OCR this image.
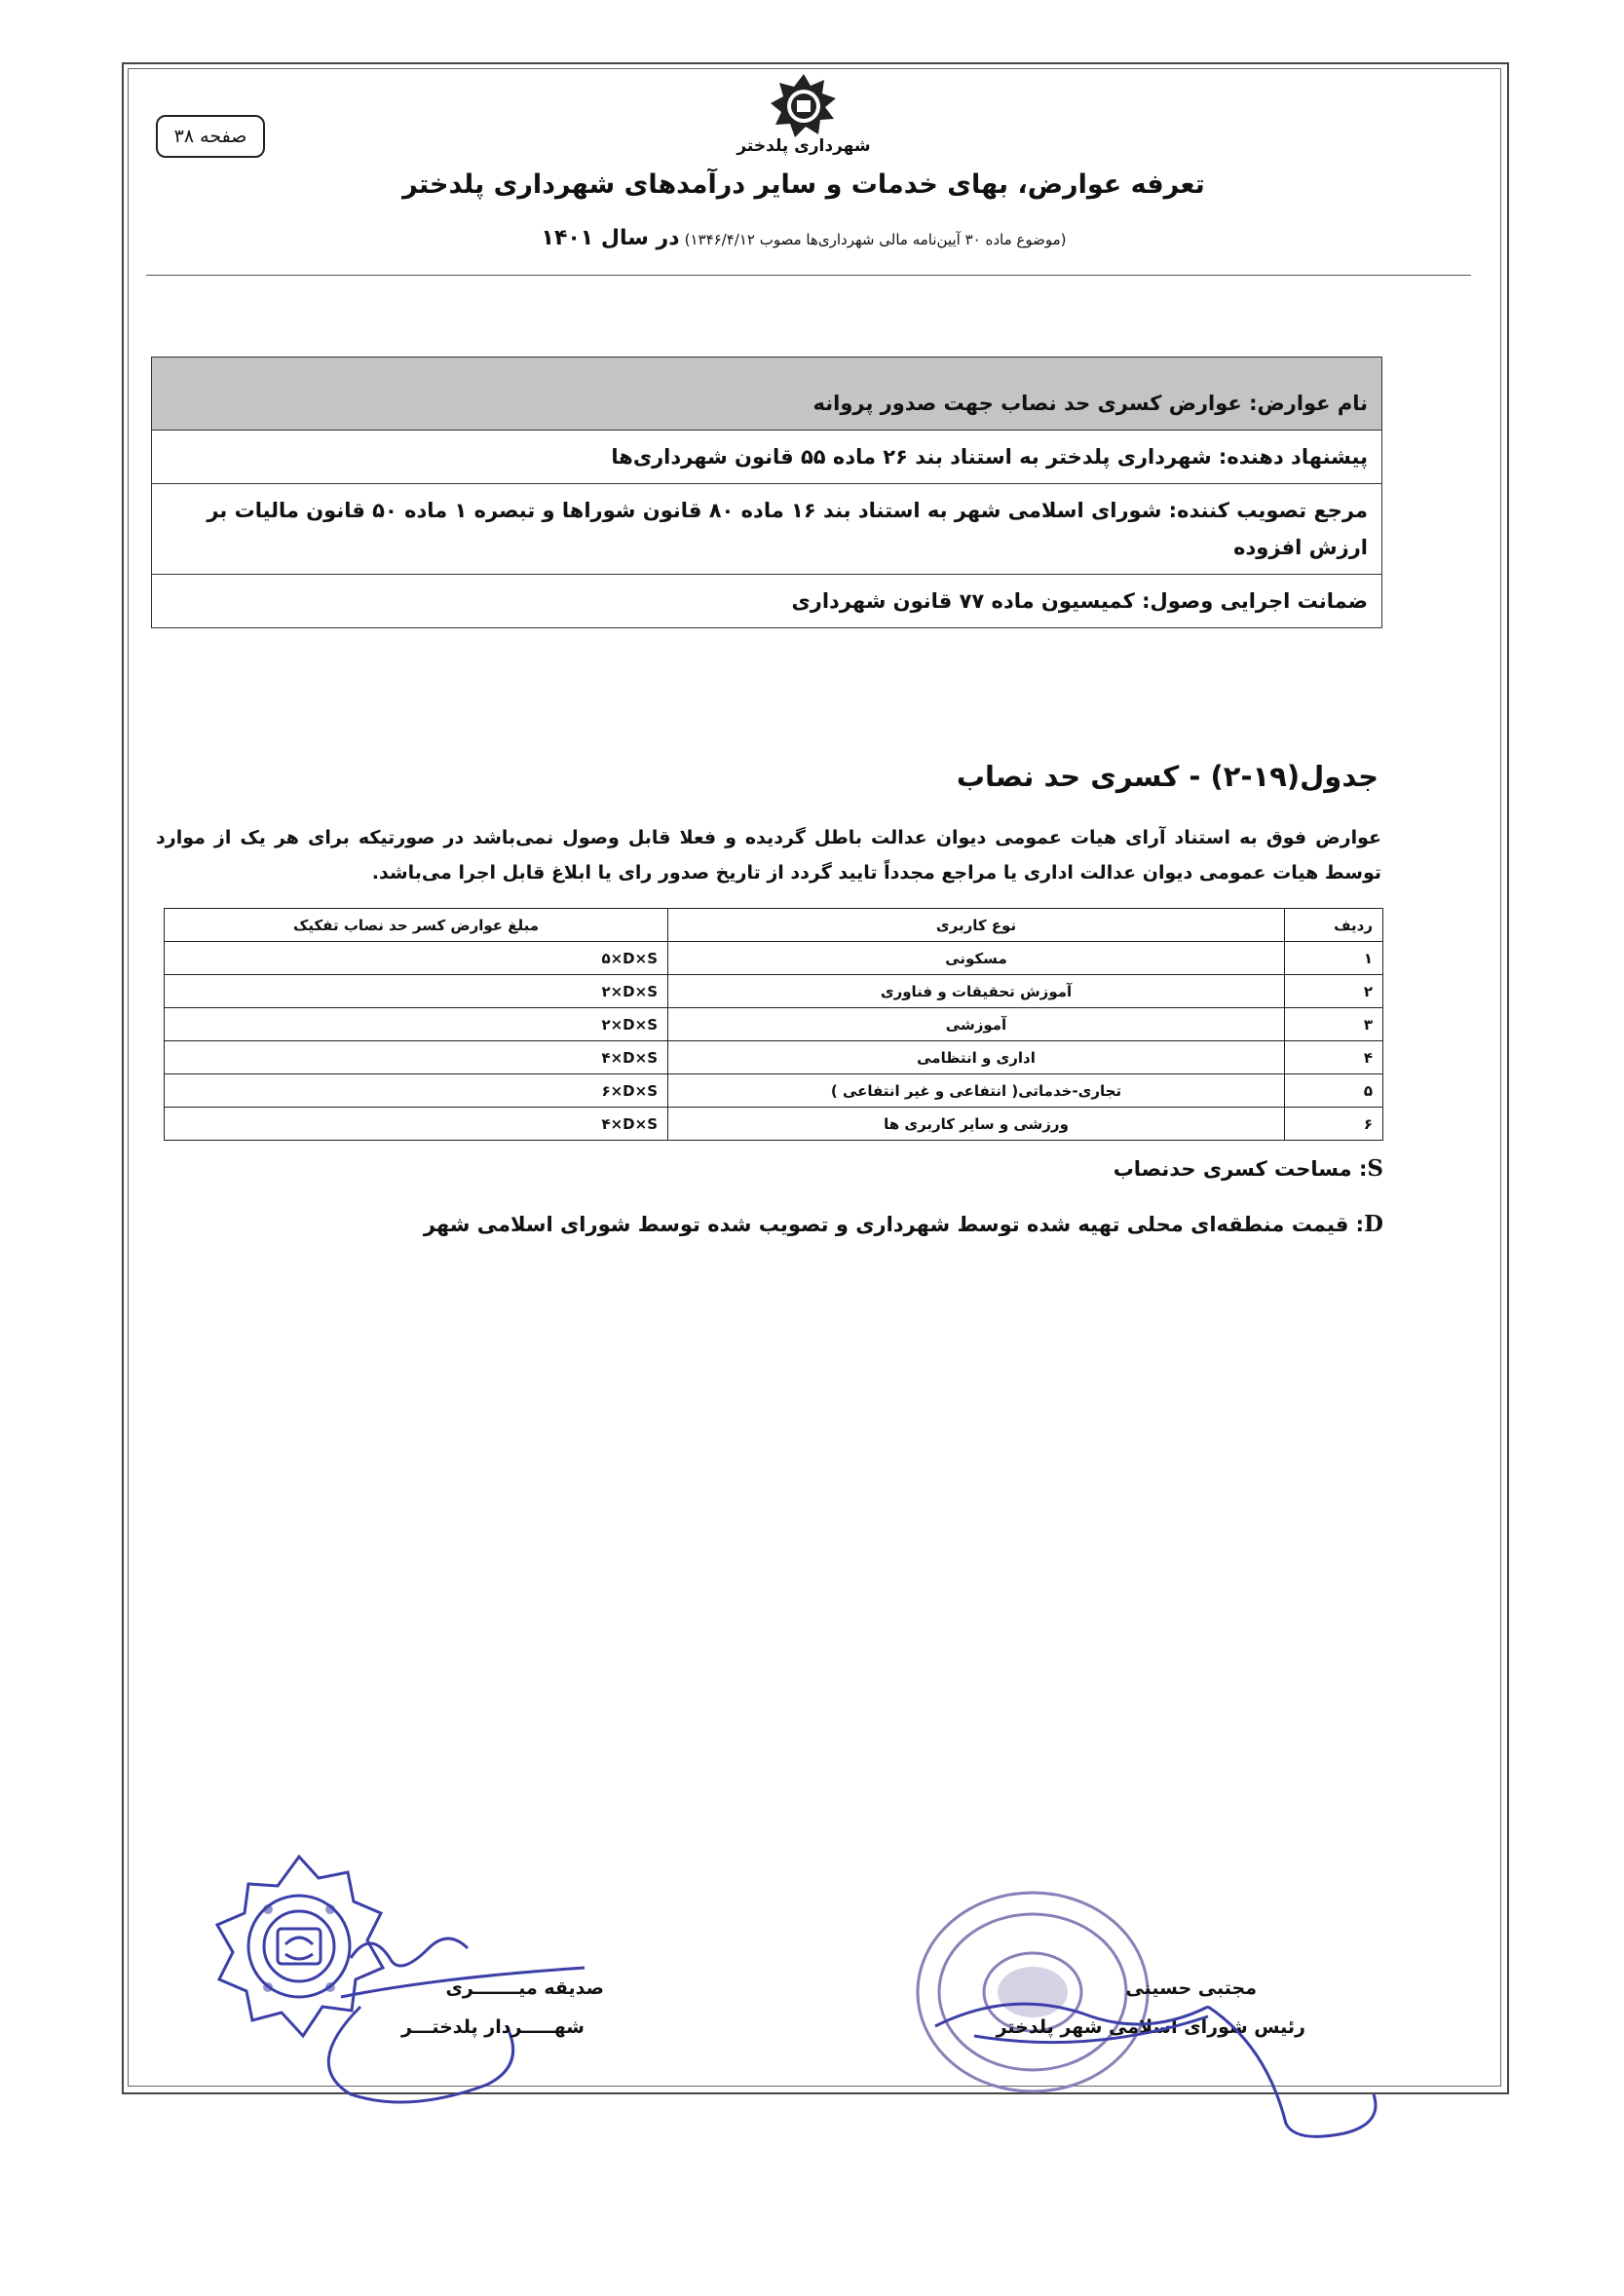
صفحه ۳۸	شهرداری پلدختر
تعرفه عوارض، بهای خدمات و سایر درآمدهای شهرداری پلدختر
(موضوع ماده ۳۰ آیین‌نامه مالی شهرداری‌ها مصوب ۱۳۴۶/۴/۱۲) در سال ۱۴۰۱
نام عوارض: عوارض کسری حد نصاب جهت صدور پروانه
پیشنهاد دهنده: شهرداری پلدختر به استناد بند ۲۶ ماده ۵۵ قانون شهرداری‌ها
مرجع تصویب کننده: شورای اسلامی شهر به استناد بند ۱۶ ماده ۸۰ قانون شوراها و تبصره ۱ ماده ۵۰ قانون مالیات بر ارزش افزوده
ضمانت اجرایی وصول: کمیسیون ماده ۷۷ قانون شهرداری
جدول(۱۹-۲) - کسری حد نصاب
عوارض فوق به استناد آرای هیات عمومی دیوان عدالت باطل گردیده و فعلا قابل وصول نمی‌باشد در صورتیکه برای هر یک از موارد توسط هیات عمومی دیوان عدالت اداری یا مراجع مجدداً تایید گردد از تاریخ صدور رای یا ابلاغ قابل اجرا می‌باشد.
ردیف	نوع کاربری	مبلغ عوارض کسر حد نصاب تفکیک
۱	مسکونی	۵×D×S
۲	آموزش تحقیقات و فناوری	۲×D×S
۳	آموزشی	۲×D×S
۴	اداری و انتظامی	۴×D×S
۵	تجاری-خدماتی( انتفاعی و غیر انتفاعی )	۶×D×S
۶	ورزشی و سایر کاربری ها	۴×D×S
S: مساحت کسری حدنصاب
D: قیمت منطقه‌ای محلی تهیه شده توسط شهرداری و تصویب شده توسط شورای اسلامی شهر
صدیقه میـــــــری
شهـــــردار پلدختـــر
مجتبی حسینی
رئیس شورای اسلامی شهر پلدختر
